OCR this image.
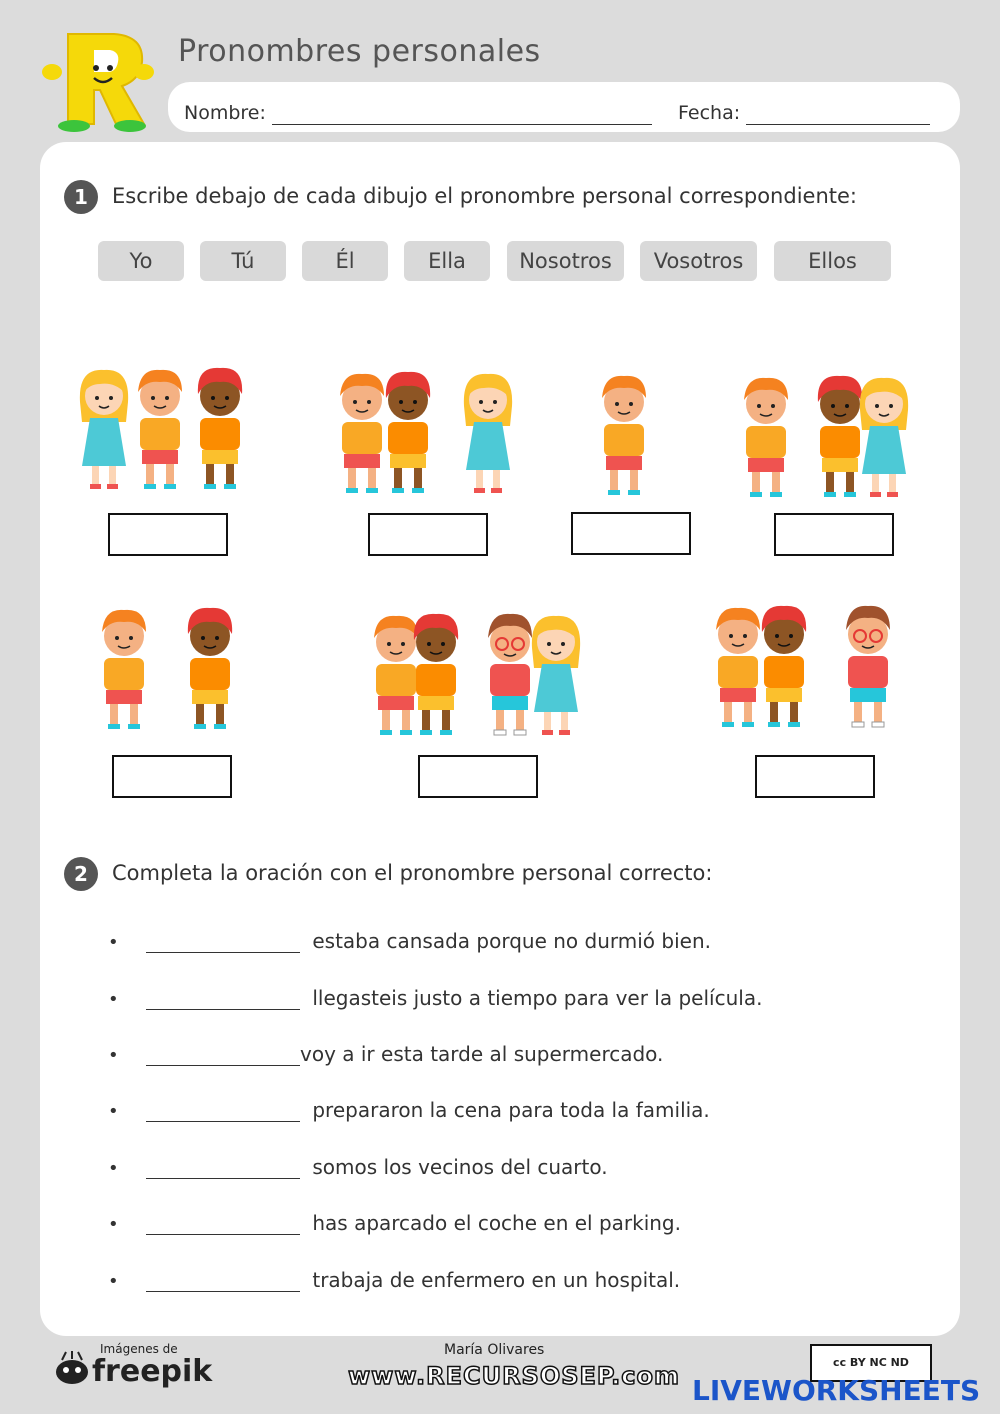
Pronombres personales
Nombre:	Fecha:
1	Escribe debajo de cada dibujo el pronombre personal correspondiente:
Yo	Tú	Él	Ella	Nosotros	Vosotros	Ellos
2	Completa la oración con el pronombre personal correcto:
•	estaba cansada porque no durmió bien.
•	llegasteis justo a tiempo para ver la película.
•	voy a ir esta tarde al supermercado.
•	prepararon la cena para toda la familia.
•	somos los vecinos del cuarto.
•	has aparcado el coche en el parking.
•	trabaja de enfermero en un hospital.
Imágenes de
freepik
María Olivares
www.RECURSOSEP.com	cc BY NC ND
LIVEWORKSHEETS
